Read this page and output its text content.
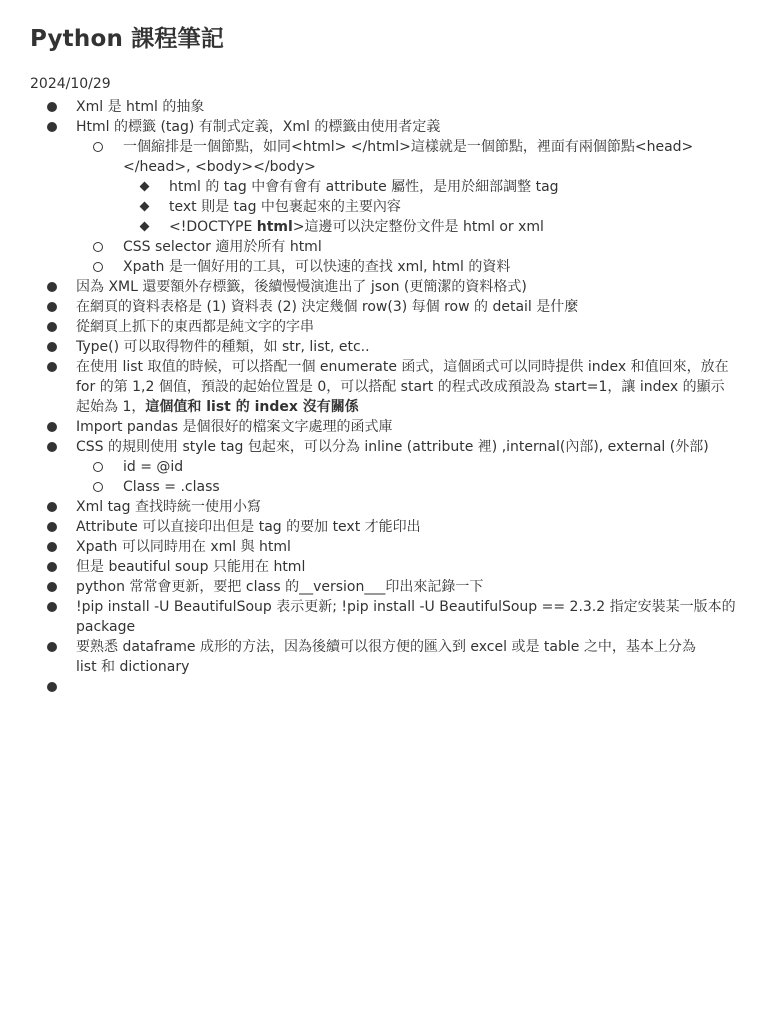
Python 課程筆記
2024/10/29
Xml 是 html 的抽象
Html 的標籤 (tag) 有制式定義，Xml 的標籤由使用者定義
一個縮排是一個節點，如同<html> </html>這樣就是一個節點，裡面有兩個節點<head></head>, <body></body>
html 的 tag 中會有會有 attribute 屬性，是用於細部調整 tag
text 則是 tag 中包裹起來的主要內容
<!DOCTYPE html>這邊可以決定整份文件是 html or xml
CSS selector 適用於所有 html
Xpath 是一個好用的工具，可以快速的查找 xml, html 的資料
因為 XML 還要額外存標籤，後續慢慢演進出了 json (更簡潔的資料格式)
在網頁的資料表格是 (1) 資料表 (2) 決定幾個 row(3) 每個 row 的 detail 是什麼
從網頁上抓下的東西都是純文字的字串
Type() 可以取得物件的種類，如 str, list, etc..
在使用 list 取值的時候，可以搭配一個 enumerate 函式，這個函式可以同時提供 index 和值回來，放在 for 的第 1,2 個值，預設的起始位置是 0，可以搭配 start 的程式改成預設為 start=1，讓 index 的顯示起始為 1，這個值和 list 的 index 沒有關係
Import pandas 是個很好的檔案文字處理的函式庫
CSS 的規則使用 style tag 包起來，可以分為 inline (attribute 裡) ,internal(內部), external (外部)
id = @id
Class = .class
Xml tag 查找時統一使用小寫
Attribute 可以直接印出但是 tag 的要加 text 才能印出
Xpath 可以同時用在 xml 與 html
但是 beautiful soup 只能用在 html
python 常常會更新，要把 class 的__version___印出來記錄一下
!pip install -U BeautifulSoup 表示更新; !pip install -U BeautifulSoup == 2.3.2 指定安裝某一版本的 package
要熟悉 dataframe 成形的方法，因為後續可以很方便的匯入到 excel 或是 table 之中，基本上分為
list 和 dictionary
